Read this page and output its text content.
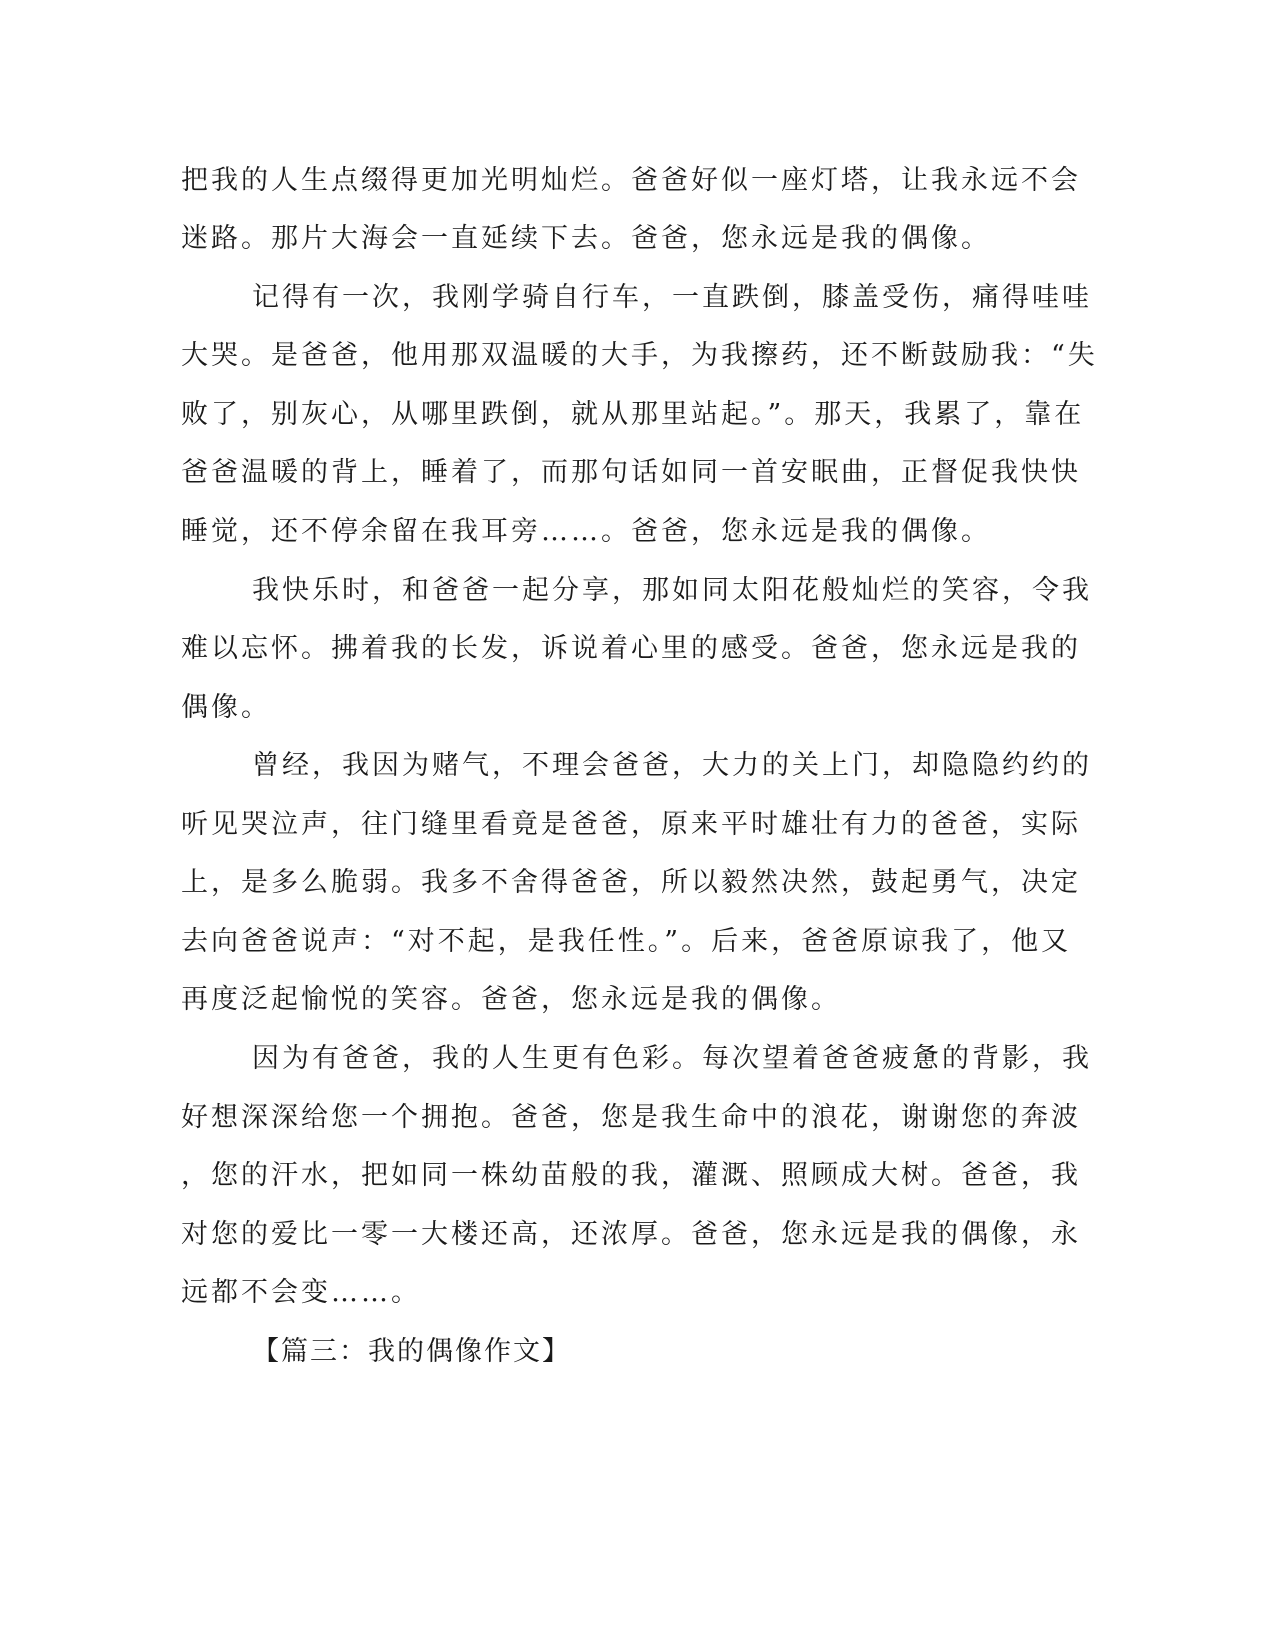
把我的人生点缀得更加光明灿烂。爸爸好似一座灯塔，让我永远不会
迷路。那片大海会一直延续下去。爸爸，您永远是我的偶像。
记得有一次，我刚学骑自行车，一直跌倒，膝盖受伤，痛得哇哇
大哭。是爸爸，他用那双温暖的大手，为我擦药，还不断鼓励我：“失
败了，别灰心，从哪里跌倒，就从那里站起。”。那天，我累了，靠在
爸爸温暖的背上，睡着了，而那句话如同一首安眠曲，正督促我快快
睡觉，还不停余留在我耳旁……。爸爸，您永远是我的偶像。
我快乐时，和爸爸一起分享，那如同太阳花般灿烂的笑容，令我
难以忘怀。拂着我的长发，诉说着心里的感受。爸爸，您永远是我的
偶像。
曾经，我因为赌气，不理会爸爸，大力的关上门，却隐隐约约的
听见哭泣声，往门缝里看竟是爸爸，原来平时雄壮有力的爸爸，实际
上，是多么脆弱。我多不舍得爸爸，所以毅然决然，鼓起勇气，决定
去向爸爸说声：“对不起，是我任性。”。后来，爸爸原谅我了，他又
再度泛起愉悦的笑容。爸爸，您永远是我的偶像。
因为有爸爸，我的人生更有色彩。每次望着爸爸疲惫的背影，我
好想深深给您一个拥抱。爸爸，您是我生命中的浪花，谢谢您的奔波
，您的汗水，把如同一株幼苗般的我，灌溉、照顾成大树。爸爸，我
对您的爱比一零一大楼还高，还浓厚。爸爸，您永远是我的偶像，永
远都不会变……。
【篇三：我的偶像作文】
